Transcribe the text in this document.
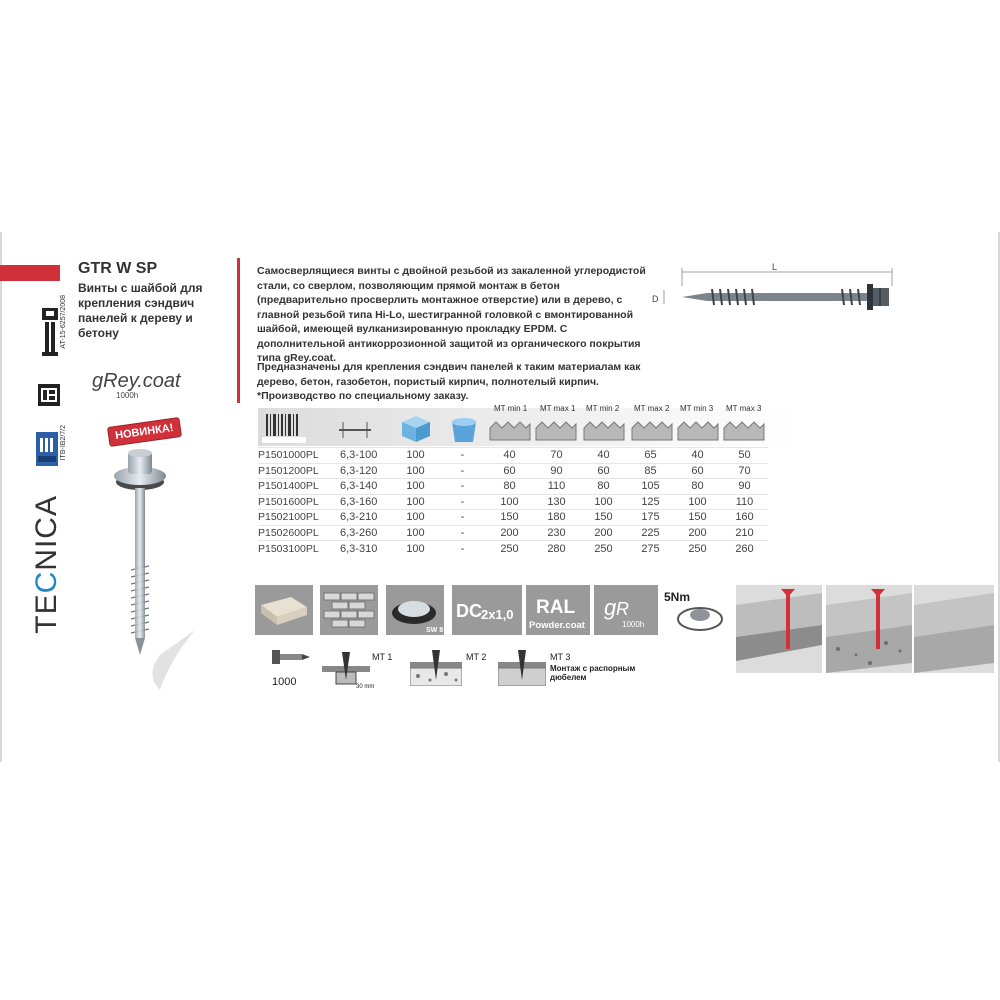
GTR W SP
Винты с шайбой для крепления сэндвич панелей к дереву и бетону
AT-15-6257/2008
ITB-IB2/7/2
TECNICA
gRey.coat
1000h
НОВИНКА!
Самосверлящиеся винты с двойной резьбой из закаленной углеродистой стали, со сверлом, позволяющим прямой монтаж в бетон (предварительно просверлить монтажное отверстие) или в дерево, с главной резьбой типа Hi-Lo, шестигранной головкой с вмонтированной шайбой, имеющей вулканизированную прокладку EPDM. С дополнительной антикоррозионной защитой из органического покрытия типа gRey.coat.
Предназначены для крепления сэндвич панелей к таким материалам как дерево, бетон, газобетон, пористый кирпич, полнотелый кирпич.
*Производство по специальному заказу.
L
D
MT min 1 MT max 1 MT min 2 MT max 2 MT min 3 MT max 3
P1501000PL	6,3-100	100	-	40	70	40	65	40	50
P1501200PL	6,3-120	100	-	60	90	60	85	60	70
P1501400PL	6,3-140	100	-	80	110	80	105	80	90
P1501600PL	6,3-160	100	-	100	130	100	125	100	110
P1502100PL	6,3-210	100	-	150	180	150	175	150	160
P1502600PL	6,3-260	100	-	200	230	200	225	200	210
P1503100PL	6,3-310	100	-	250	280	250	275	250	260
SW 8
DC 2x1,0 RAL
Powder.coat
g R
1000h
5Nm
1000
MT 1
30 mm
MT 2	MT 3
Монтаж с распорным дюбелем
